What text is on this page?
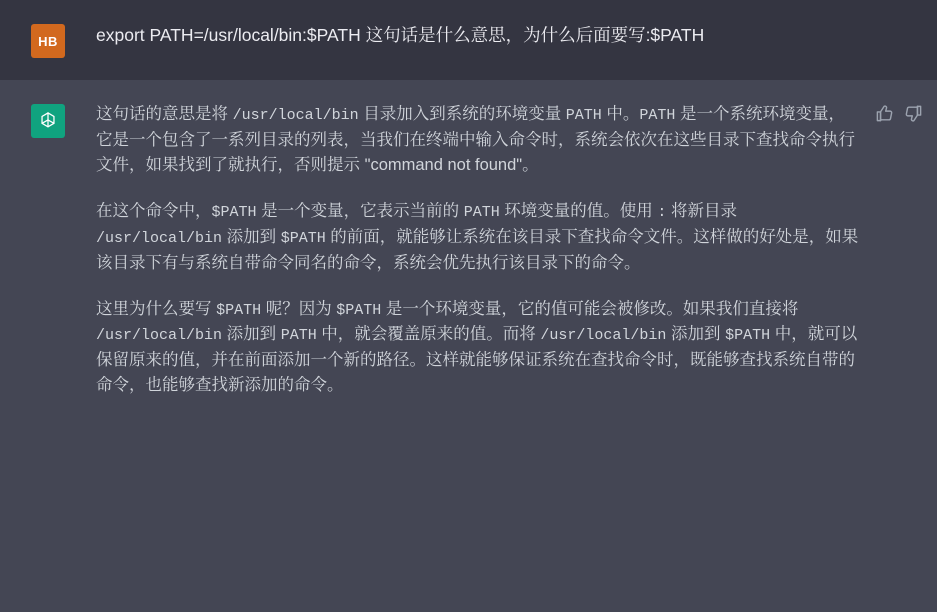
HB	export PATH=/usr/local/bin:$PATH 这句话是什么意思，为什么后面要写:$PATH

这句话的意思是将 /usr/local/bin 目录加入到系统的环境变量 PATH 中。PATH 是一个系统环境变量，它是一个包含了一系列目录的列表，当我们在终端中输入命令时，系统会依次在这些目录下查找命令执行文件，如果找到了就执行，否则提示 "command not found"。

在这个命令中，$PATH 是一个变量，它表示当前的 PATH 环境变量的值。使用 : 将新目录 /usr/local/bin 添加到 $PATH 的前面，就能够让系统在该目录下查找命令文件。这样做的好处是，如果该目录下有与系统自带命令同名的命令，系统会优先执行该目录下的命令。

这里为什么要写 $PATH 呢？因为 $PATH 是一个环境变量，它的值可能会被修改。如果我们直接将 /usr/local/bin 添加到 PATH 中，就会覆盖原来的值。而将 /usr/local/bin 添加到 $PATH 中，就可以保留原来的值，并在前面添加一个新的路径。这样就能够保证系统在查找命令时，既能够查找系统自带的命令，也能够查找新添加的命令。
